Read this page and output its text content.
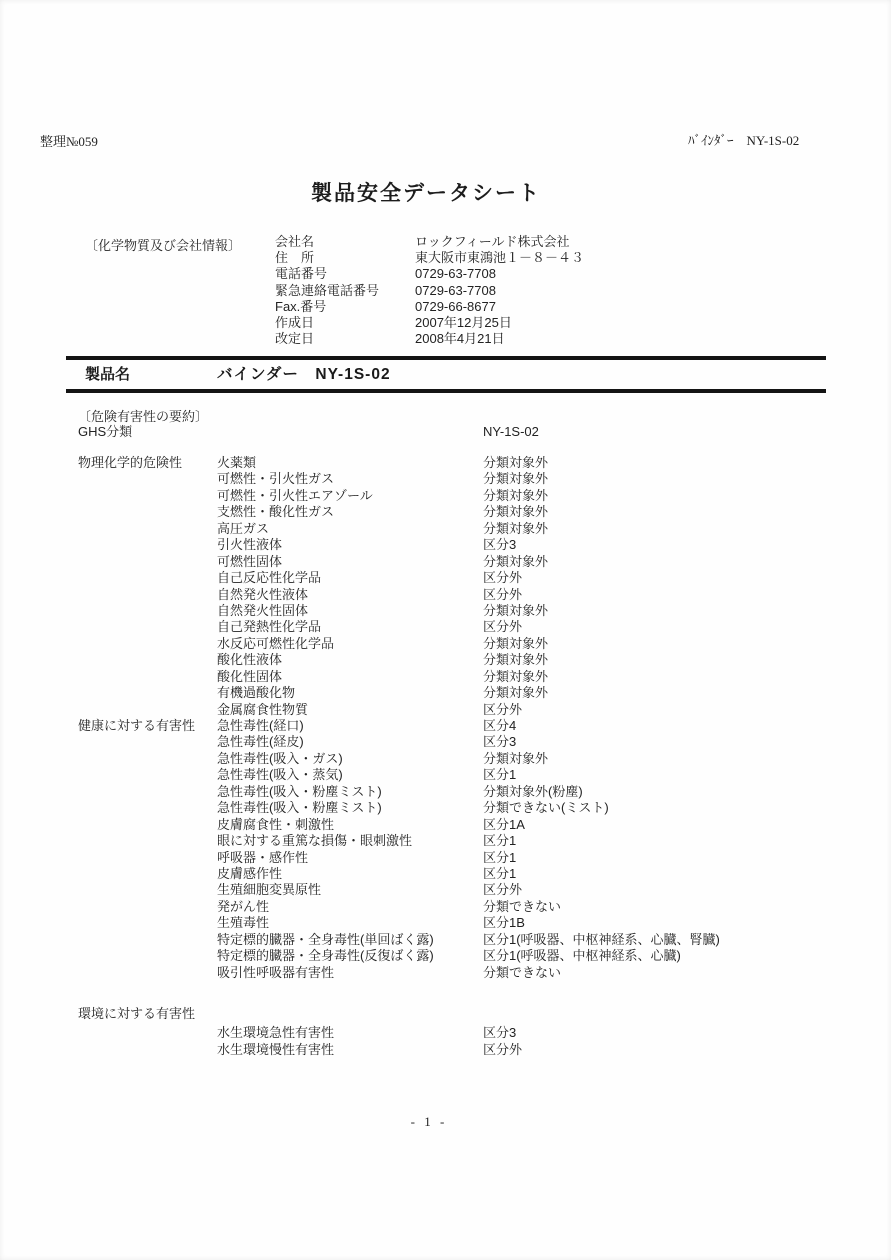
整理№059	ﾊﾞｲﾝﾀﾞｰ　NY-1S-02
製品安全データシート
〔化学物質及び会社情報〕	会社名	ロックフィールド株式会社
住　所	東大阪市東鴻池１－８－４３
電話番号	0729-63-7708
緊急連絡電話番号	0729-63-7708
Fax.番号	0729-66-8677
作成日	2007年12月25日
改定日	2008年4月21日
製品名	バインダー　NY-1S-02
〔危険有害性の要約〕
GHS分類	NY-1S-02
物理化学的危険性	火薬類	分類対象外
可燃性・引火性ガス	分類対象外
可燃性・引火性エアゾール	分類対象外
支燃性・酸化性ガス	分類対象外
高圧ガス	分類対象外
引火性液体	区分3
可燃性固体	分類対象外
自己反応性化学品	区分外
自然発火性液体	区分外
自然発火性固体	分類対象外
自己発熱性化学品	区分外
水反応可燃性化学品	分類対象外
酸化性液体	分類対象外
酸化性固体	分類対象外
有機過酸化物	分類対象外
金属腐食性物質	区分外
健康に対する有害性	急性毒性(経口)	区分4
急性毒性(経皮)	区分3
急性毒性(吸入・ガス)	分類対象外
急性毒性(吸入・蒸気)	区分1
急性毒性(吸入・粉塵ミスト)	分類対象外(粉塵)
急性毒性(吸入・粉塵ミスト)	分類できない(ミスト)
皮膚腐食性・刺激性	区分1A
眼に対する重篤な損傷・眼刺激性	区分1
呼吸器・感作性	区分1
皮膚感作性	区分1
生殖細胞変異原性	区分外
発がん性	分類できない
生殖毒性	区分1B
特定標的臓器・全身毒性(単回ばく露)	区分1(呼吸器、中枢神経系、心臓、腎臓)
特定標的臓器・全身毒性(反復ばく露)	区分1(呼吸器、中枢神経系、心臓)
吸引性呼吸器有害性	分類できない
環境に対する有害性
水生環境急性有害性	区分3
水生環境慢性有害性	区分外
- 1 -
